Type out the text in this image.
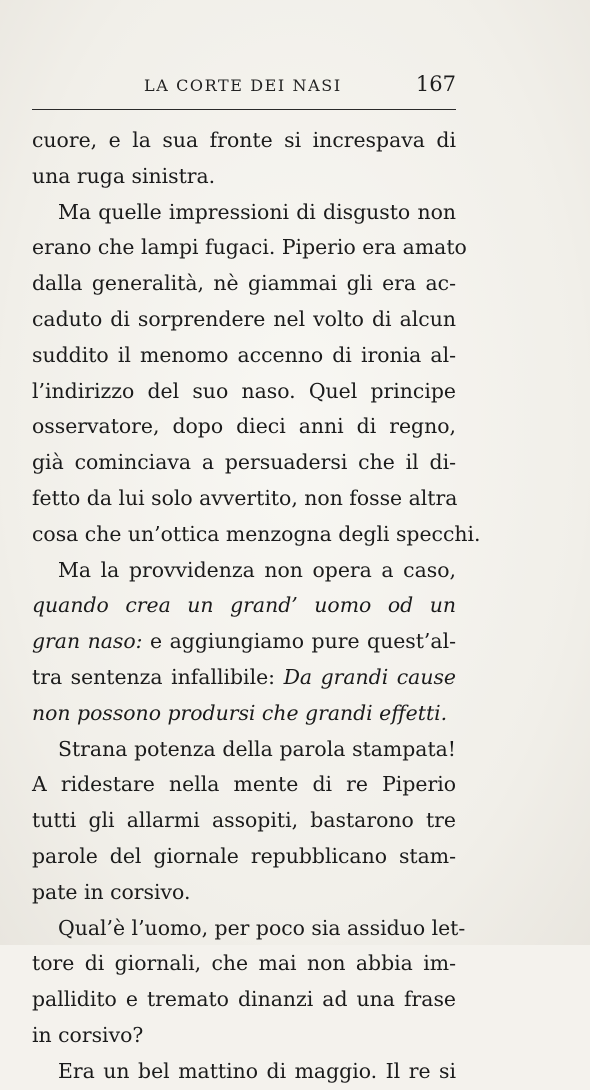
LA CORTE DEI NASI	167
cuore, e la sua fronte si increspava di
una ruga sinistra.
Ma quelle impressioni di disgusto non
erano che lampi fugaci. Piperio era amato
dalla generalità, nè giammai gli era ac-
caduto di sorprendere nel volto di alcun
suddito il menomo accenno di ironia al-
l’indirizzo del suo naso. Quel principe
osservatore, dopo dieci anni di regno,
già cominciava a persuadersi che il di-
fetto da lui solo avvertito, non fosse altra
cosa che un’ottica menzogna degli specchi.
Ma la provvidenza non opera a caso,
quando crea un grand’ uomo od un
gran naso: e aggiungiamo pure quest’al-
tra sentenza infallibile: Da grandi cause
non possono prodursi che grandi effetti.
Strana potenza della parola stampata!
A ridestare nella mente di re Piperio
tutti gli allarmi assopiti, bastarono tre
parole del giornale repubblicano stam-
pate in corsivo.
Qual’è l’uomo, per poco sia assiduo let-
tore di giornali, che mai non abbia im-
pallidito e tremato dinanzi ad una frase
in corsivo?
Era un bel mattino di maggio. Il re si
